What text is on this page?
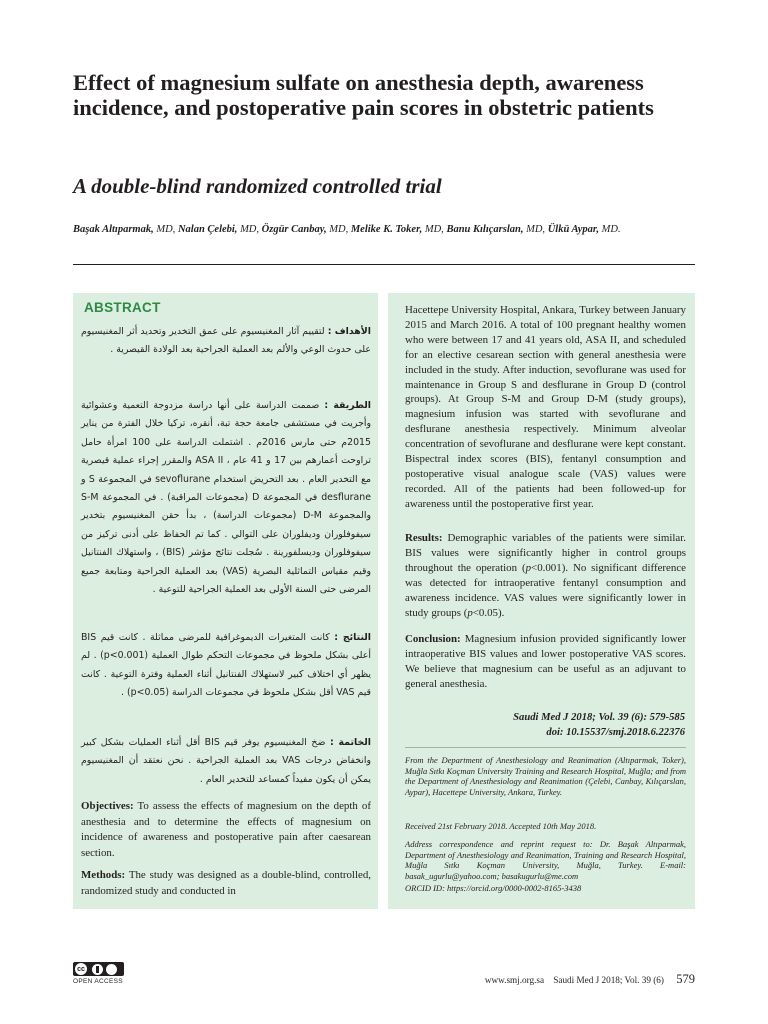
Effect of magnesium sulfate on anesthesia depth, awareness incidence, and postoperative pain scores in obstetric patients
A double-blind randomized controlled trial
Başak Altıparmak, MD, Nalan Çelebi, MD, Özgür Canbay, MD, Melike K. Toker, MD, Banu Kılıçarslan, MD, Ülkü Aypar, MD.
ABSTRACT
الأهداف : لتقييم آثار المغنيسيوم على عمق التخدير وتحديد أثر المغنيسيوم على حدوث الوعي والألم بعد العملية الجراحية بعد الولادة القيصرية .
الطريقة : صممت الدراسة على أنها دراسة مزدوجة التعمية وعشوائية وأجريت في مستشفى جامعة حجة تبة، أنقره، تركيا خلال الفترة من يناير 2015م حتى مارس 2016م . اشتملت الدراسة على 100 امرأة حامل تراوحت أعمارهم بين 17 و 41 عام ، ASA II والمقرر إجراء عملية قيصرية مع التخدير العام . بعد التحريض استخدام sevoflurane في المجموعة S و desflurane في المجموعة D (مجموعات المراقبة) . في المجموعة S-M والمجموعة D-M (مجموعات الدراسة) ، بدأ حقن المغنيسيوم بتخدير سيفوفلوران وديفلوران على التوالي . كما تم الحفاظ على أدنى تركيز من سيفوفلوران وديسلفورينة . سُجلت نتائج مؤشر (BIS) ، واستهلاك الفنتانيل وقيم مقياس التماثلية البصرية (VAS) بعد العملية الجراحية ومتابعة جميع المرضى حتى السنة الأولى بعد العملية الجراحية للتوعية .
النتائج : كانت المتغيرات الديموغرافية للمرضى مماثلة . كانت قيم BIS أعلى بشكل ملحوظ في مجموعات التحكم طوال العملية (p<0.001) . لم يظهر أي اختلاف كبير لاستهلاك الفنتانيل أثناء العملية وفترة التوعية . كانت قيم VAS أقل بشكل ملحوظ في مجموعات الدراسة (p<0.05) .
الخاتمة : ضخ المغنيسيوم يوفر قيم BIS أقل أثناء العمليات بشكل كبير وانخفاض درجات VAS بعد العملية الجراحية . نحن نعتقد أن المغنيسيوم يمكن أن يكون مفيداً كمساعد للتخدير العام .
Objectives: To assess the effects of magnesium on the depth of anesthesia and to determine the effects of magnesium on incidence of awareness and postoperative pain after caesarean section.
Methods: The study was designed as a double-blind, controlled, randomized study and conducted in
Hacettepe University Hospital, Ankara, Turkey between January 2015 and March 2016. A total of 100 pregnant healthy women who were between 17 and 41 years old, ASA II, and scheduled for an elective cesarean section with general anesthesia were included in the study. After induction, sevoflurane was used for maintenance in Group S and desflurane in Group D (control groups). At Group S-M and Group D-M (study groups), magnesium infusion was started with sevoflurane and desflurane anesthesia respectively. Minimum alveolar concentration of sevoflurane and desflurane were kept constant. Bispectral index scores (BIS), fentanyl consumption and postoperative visual analogue scale (VAS) values were recorded. All of the patients had been followed-up for awareness until the postoperative first year.
Results: Demographic variables of the patients were similar. BIS values were significantly higher in control groups throughout the operation (p<0.001). No significant difference was detected for intraoperative fentanyl consumption and awareness incidence. VAS values were significantly lower in study groups (p<0.05).
Conclusion: Magnesium infusion provided significantly lower intraoperative BIS values and lower postoperative VAS scores. We believe that magnesium can be useful as an adjuvant to general anesthesia.
Saudi Med J 2018; Vol. 39 (6): 579-585
doi: 10.15537/smj.2018.6.22376
From the Department of Anesthesiology and Reanimation (Altıparmak, Toker), Muğla Sıtkı Koçman University Training and Research Hospital, Muğla; and from the Department of Anesthesiology and Reanimation (Çelebi, Canbay, Kılıçarslan, Aypar), Hacettepe University, Ankara, Turkey.
Received 21st February 2018. Accepted 10th May 2018.
Address correspondence and reprint request to: Dr. Başak Altıparmak, Department of Anesthesiology and Reanimation, Training and Research Hospital, Muğla Sıtkı Koçman University, Muğla, Turkey. E-mail: basak_ugurlu@yahoo.com; basakugurlu@me.com
ORCID ID: https://orcid.org/0000-0002-8165-3438
cc
OPEN ACCESS	www.smj.org.sa Saudi Med J 2018; Vol. 39 (6) 579
